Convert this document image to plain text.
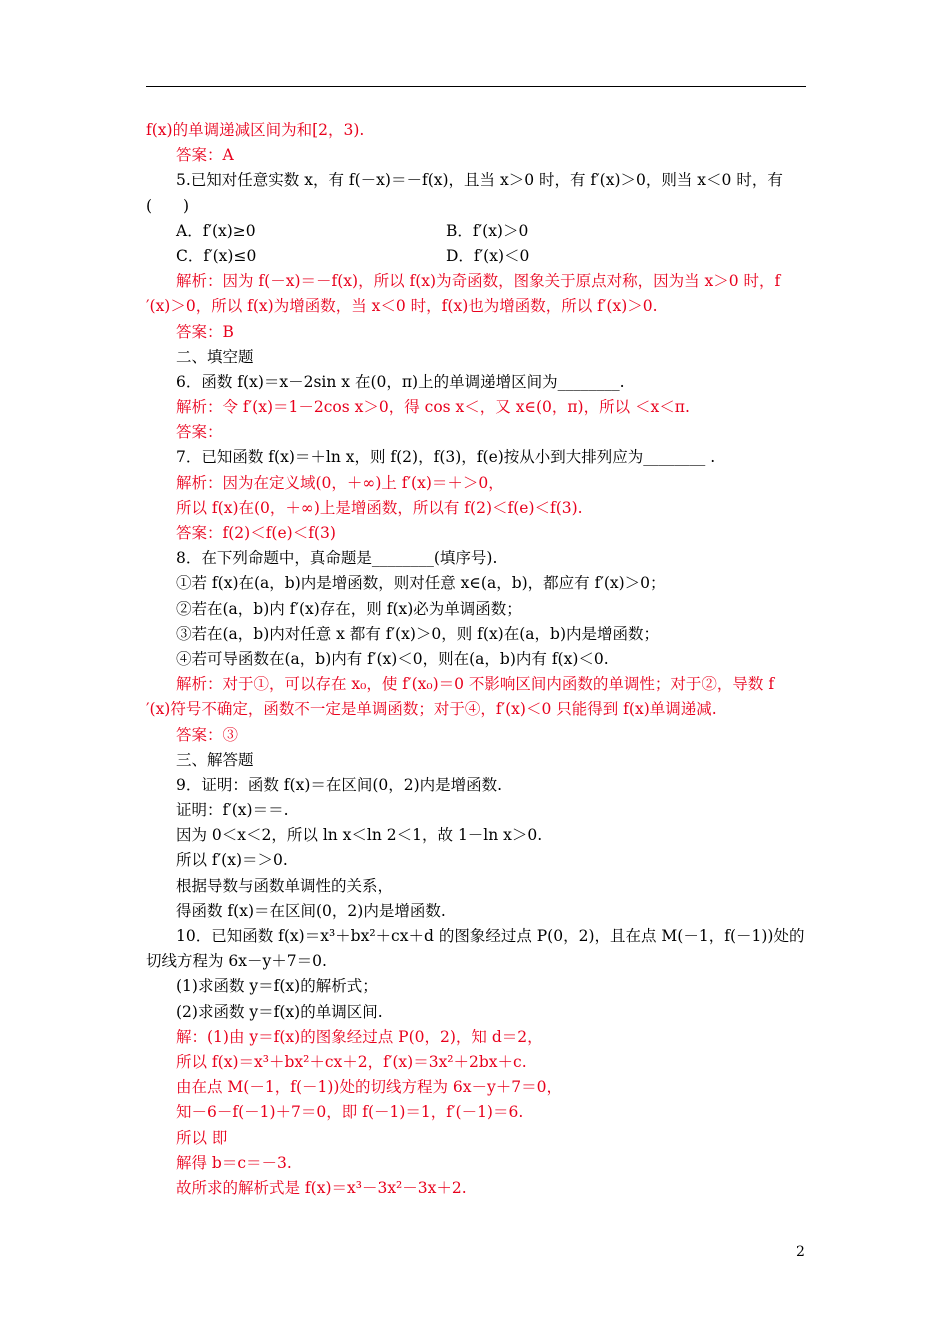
f(x)的单调递减区间为和[2，3).
答案：A
5.已知对任意实数 x，有 f(－x)＝－f(x)，且当 x＞0 时，有 f′(x)＞0，则当 x＜0 时，有
(　　)
A．f′(x)≥0	B．f′(x)＞0
C．f′(x)≤0	D．f′(x)＜0
解析：因为 f(－x)＝－f(x)，所以 f(x)为奇函数，图象关于原点对称，因为当 x＞0 时，f
′(x)＞0，所以 f(x)为增函数，当 x＜0 时，f(x)也为增函数，所以 f′(x)＞0.
答案：B
二、填空题
6．函数 f(x)＝x－2sin x 在(0，π)上的单调递增区间为________.
解析：令 f′(x)＝1－2cos x＞0，得 cos x＜，又 x∈(0，π)，所以 ＜x＜π.
答案：
7．已知函数 f(x)＝＋ln x，则 f(2)，f(3)，f(e)按从小到大排列应为________ .
解析：因为在定义域(0，＋∞)上 f′(x)＝＋＞0，
所以 f(x)在(0，＋∞)上是增函数，所以有 f(2)＜f(e)＜f(3).
答案：f(2)＜f(e)＜f(3)
8．在下列命题中，真命题是________(填序号).
①若 f(x)在(a，b)内是增函数，则对任意 x∈(a，b)，都应有 f′(x)＞0；
②若在(a，b)内 f′(x)存在，则 f(x)必为单调函数；
③若在(a，b)内对任意 x 都有 f′(x)＞0，则 f(x)在(a，b)内是增函数；
④若可导函数在(a，b)内有 f′(x)＜0，则在(a，b)内有 f(x)＜0.
解析：对于①，可以存在 x₀，使 f′(x₀)＝0 不影响区间内函数的单调性；对于②，导数 f
′(x)符号不确定，函数不一定是单调函数；对于④，f′(x)＜0 只能得到 f(x)单调递减.
答案：③
三、解答题
9．证明：函数 f(x)＝在区间(0，2)内是增函数.
证明：f′(x)＝＝.
因为 0＜x＜2，所以 ln x＜ln 2＜1，故 1－ln x＞0.
所以 f′(x)＝＞0.
根据导数与函数单调性的关系，
得函数 f(x)＝在区间(0，2)内是增函数.
10．已知函数 f(x)＝x³＋bx²＋cx＋d 的图象经过点 P(0，2)，且在点 M(－1，f(－1))处的
切线方程为 6x－y＋7＝0.
(1)求函数 y＝f(x)的解析式；
(2)求函数 y＝f(x)的单调区间.
解：(1)由 y＝f(x)的图象经过点 P(0，2)，知 d＝2，
所以 f(x)＝x³＋bx²＋cx＋2，f′(x)＝3x²＋2bx＋c.
由在点 M(－1，f(－1))处的切线方程为 6x－y＋7＝0，
知－6－f(－1)＋7＝0，即 f(－1)＝1，f′(－1)＝6.
所以 即
解得 b＝c＝－3.
故所求的解析式是 f(x)＝x³－3x²－3x＋2.
2
